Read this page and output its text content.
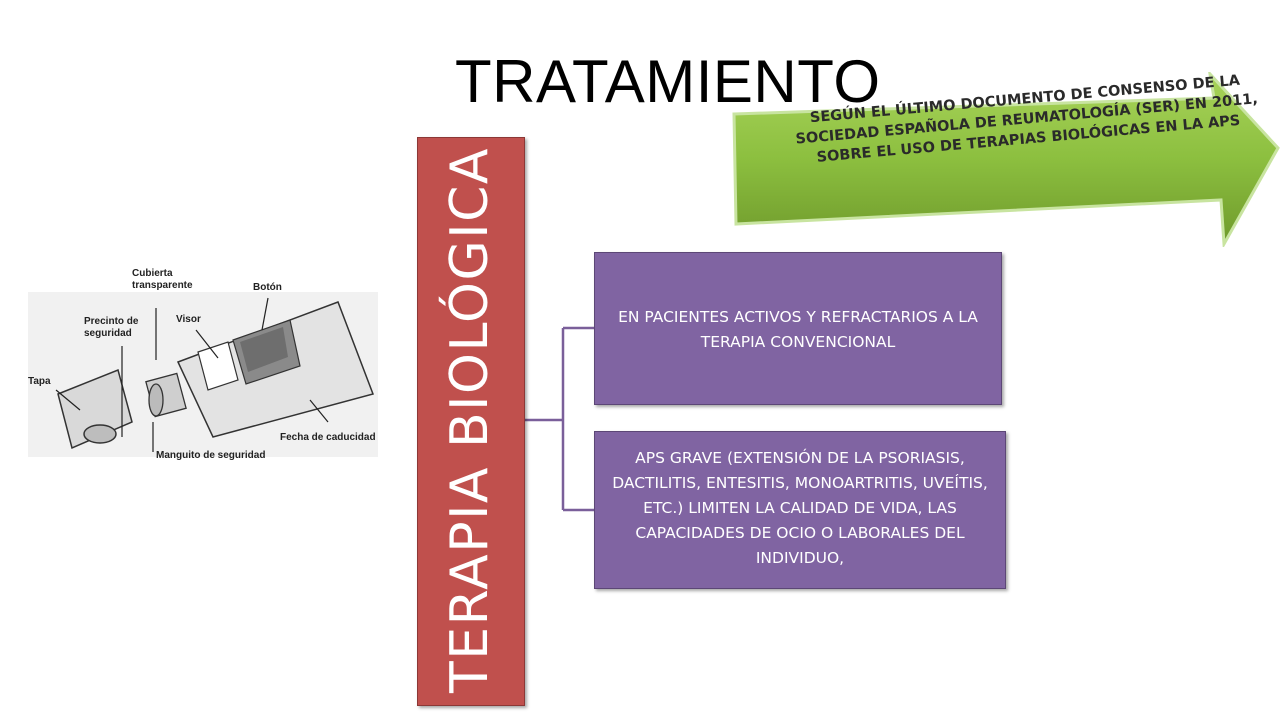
TRATAMIENTO
SEGÚN EL ÚLTIMO DOCUMENTO DE CONSENSO DE LA SOCIEDAD ESPAÑOLA DE REUMATOLOGÍA (SER) EN 2011, SOBRE EL USO DE TERAPIAS BIOLÓGICAS EN LA APS
Cubierta
transparente	Botón
Precinto de
seguridad
Visor
Tapa
Fecha de caducidad
Manguito de seguridad	TERAPIA BIOLÓGICA	EN PACIENTES ACTIVOS Y REFRACTARIOS A LA TERAPIA CONVENCIONAL
APS GRAVE (EXTENSIÓN DE LA PSORIASIS, DACTILITIS, ENTESITIS, MONOARTRITIS, UVEÍTIS, ETC.) LIMITEN LA CALIDAD DE VIDA, LAS CAPACIDADES DE OCIO O LABORALES DEL INDIVIDUO,
